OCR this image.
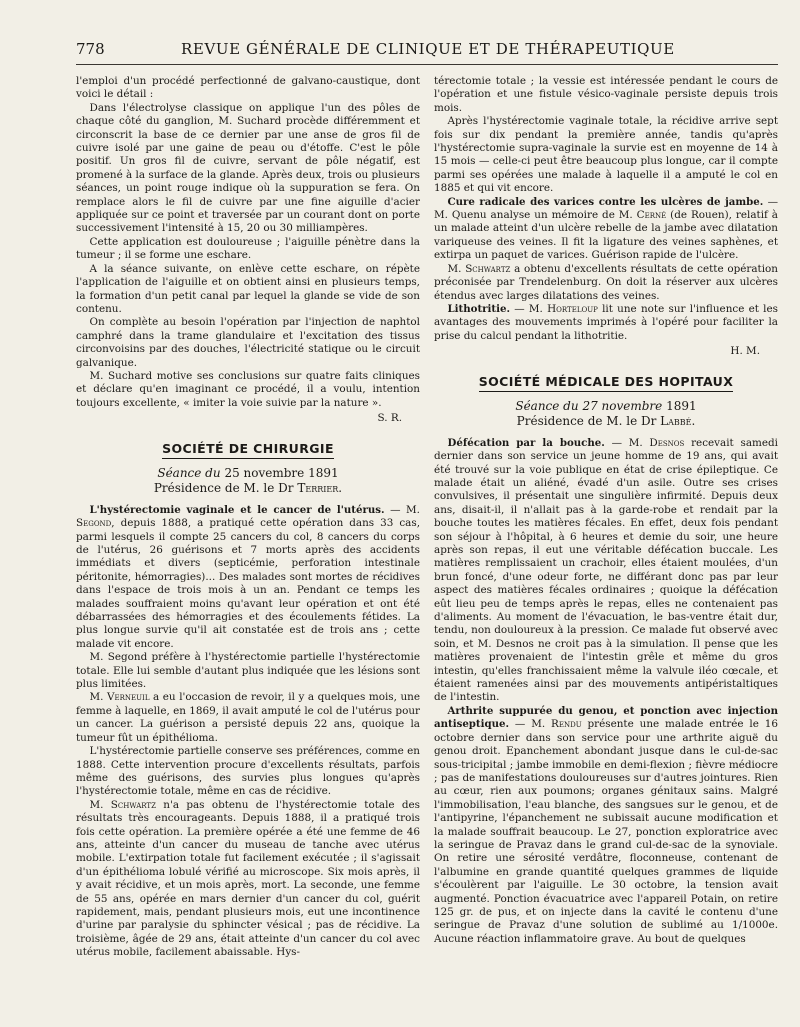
778	REVUE GÉNÉRALE DE CLINIQUE ET DE THÉRAPEUTIQUE

l'emploi d'un procédé perfectionné de galvano-caustique, dont voici le détail :

Dans l'électrolyse classique on applique l'un des pôles de chaque côté du ganglion, M. Suchard procède différemment et circonscrit la base de ce dernier par une anse de gros fil de cuivre isolé par une gaine de peau ou d'étoffe. C'est le pôle positif. Un gros fil de cuivre, servant de pôle négatif, est promené à la surface de la glande. Après deux, trois ou plusieurs séances, un point rouge indique où la suppuration se fera. On remplace alors le fil de cuivre par une fine aiguille d'acier appliquée sur ce point et traversée par un courant dont on porte successivement l'intensité à 15, 20 ou 30 milliampères.

Cette application est douloureuse ; l'aiguille pénètre dans la tumeur ; il se forme une eschare.

A la séance suivante, on enlève cette eschare, on répète l'application de l'aiguille et on obtient ainsi en plusieurs temps, la formation d'un petit canal par lequel la glande se vide de son contenu.

On complète au besoin l'opération par l'injection de naphtol camphré dans la trame glandulaire et l'excitation des tissus circonvoisins par des douches, l'électricité statique ou le circuit galvanique.

M. Suchard motive ses conclusions sur quatre faits cliniques et déclare qu'en imaginant ce procédé, il a voulu, intention toujours excellente, « imiter la voie suivie par la nature ».

S. R.
SOCIÉTÉ DE CHIRURGIE
Séance du 25 novembre 1891
Présidence de M. le Dr Terrier.

L'hystérectomie vaginale et le cancer de l'utérus. — M. Segond, depuis 1888, a pratiqué cette opération dans 33 cas, parmi lesquels il compte 25 cancers du col, 8 cancers du corps de l'utérus, 26 guérisons et 7 morts après des accidents immédiats et divers (septicémie, perforation intestinale péritonite, hémorragies)... Des malades sont mortes de récidives dans l'espace de trois mois à un an. Pendant ce temps les malades souffraient moins qu'avant leur opération et ont été débarrassées des hémorragies et des écoulements fétides. La plus longue survie qu'il ait constatée est de trois ans ; cette malade vit encore.

M. Segond préfère à l'hystérectomie partielle l'hystérectomie totale. Elle lui semble d'autant plus indiquée que les lésions sont plus limitées.

M. Verneuil a eu l'occasion de revoir, il y a quelques mois, une femme à laquelle, en 1869, il avait amputé le col de l'utérus pour un cancer. La guérison a persisté depuis 22 ans, quoique la tumeur fût un épithélioma.

L'hystérectomie partielle conserve ses préférences, comme en 1888. Cette intervention procure d'excellents résultats, parfois même des guérisons, des survies plus longues qu'après l'hystérectomie totale, même en cas de récidive.

M. Schwartz n'a pas obtenu de l'hystérectomie totale des résultats très encourageants. Depuis 1888, il a pratiqué trois fois cette opération. La première opérée a été une femme de 46 ans, atteinte d'un cancer du museau de tanche avec utérus mobile. L'extirpation totale fut facilement exécutée ; il s'agissait d'un épithélioma lobulé vérifié au microscope. Six mois après, il y avait récidive, et un mois après, mort. La seconde, une femme de 55 ans, opérée en mars dernier d'un cancer du col, guérit rapidement, mais, pendant plusieurs mois, eut une incontinence d'urine par paralysie du sphincter vésical ; pas de récidive. La troisième, âgée de 29 ans, était atteinte d'un cancer du col avec utérus mobile, facilement abaissable. Hys-

térectomie totale ; la vessie est intéressée pendant le cours de l'opération et une fistule vésico-vaginale persiste depuis trois mois.

Après l'hystérectomie vaginale totale, la récidive arrive sept fois sur dix pendant la première année, tandis qu'après l'hystérectomie supra-vaginale la survie est en moyenne de 14 à 15 mois — celle-ci peut être beaucoup plus longue, car il compte parmi ses opérées une malade à laquelle il a amputé le col en 1885 et qui vit encore.

Cure radicale des varices contre les ulcères de jambe. — M. Quenu analyse un mémoire de M. Cerné (de Rouen), relatif à un malade atteint d'un ulcère rebelle de la jambe avec dilatation variqueuse des veines. Il fit la ligature des veines saphènes, et extirpa un paquet de varices. Guérison rapide de l'ulcère.

M. Schwartz a obtenu d'excellents résultats de cette opération préconisée par Trendelenburg. On doit la réserver aux ulcères étendus avec larges dilatations des veines.

Lithotritie. — M. Horteloup lit une note sur l'influence et les avantages des mouvements imprimés à l'opéré pour faciliter la prise du calcul pendant la lithotritie.

H. M.
SOCIÉTÉ MÉDICALE DES HOPITAUX
Séance du 27 novembre 1891
Présidence de M. le Dr Labbé.

Défécation par la bouche. — M. Desnos recevait samedi dernier dans son service un jeune homme de 19 ans, qui avait été trouvé sur la voie publique en état de crise épileptique. Ce malade était un aliéné, évadé d'un asile. Outre ses crises convulsives, il présentait une singulière infirmité. Depuis deux ans, disait-il, il n'allait pas à la garde-robe et rendait par la bouche toutes les matières fécales. En effet, deux fois pendant son séjour à l'hôpital, à 6 heures et demie du soir, une heure après son repas, il eut une véritable défécation buccale. Les matières remplissaient un crachoir, elles étaient moulées, d'un brun foncé, d'une odeur forte, ne différant donc pas par leur aspect des matières fécales ordinaires ; quoique la défécation eût lieu peu de temps après le repas, elles ne contenaient pas d'aliments. Au moment de l'évacuation, le bas-ventre était dur, tendu, non douloureux à la pression. Ce malade fut observé avec soin, et M. Desnos ne croit pas à la simulation. Il pense que les matières provenaient de l'intestin grêle et même du gros intestin, qu'elles franchissaient même la valvule iléo cœcale, et étaient ramenées ainsi par des mouvements antipéristaltiques de l'intestin.

Arthrite suppurée du genou, et ponction avec injection antiseptique. — M. Rendu présente une malade entrée le 16 octobre dernier dans son service pour une arthrite aiguë du genou droit. Epanchement abondant jusque dans le cul-de-sac sous-tricipital ; jambe immobile en demi-flexion ; fièvre médiocre ; pas de manifestations douloureuses sur d'autres jointures. Rien au cœur, rien aux poumons; organes génitaux sains. Malgré l'immobilisation, l'eau blanche, des sangsues sur le genou, et de l'antipyrine, l'épanchement ne subissait aucune modification et la malade souffrait beaucoup. Le 27, ponction exploratrice avec la seringue de Pravaz dans le grand cul-de-sac de la synoviale. On retire une sérosité verdâtre, floconneuse, contenant de l'albumine en grande quantité quelques grammes de liquide s'écoulèrent par l'aiguille. Le 30 octobre, la tension avait augmenté. Ponction évacuatrice avec l'appareil Potain, on retire 125 gr. de pus, et on injecte dans la cavité le contenu d'une seringue de Pravaz d'une solution de sublimé au 1/1000e. Aucune réaction inflammatoire grave. Au bout de quelques
